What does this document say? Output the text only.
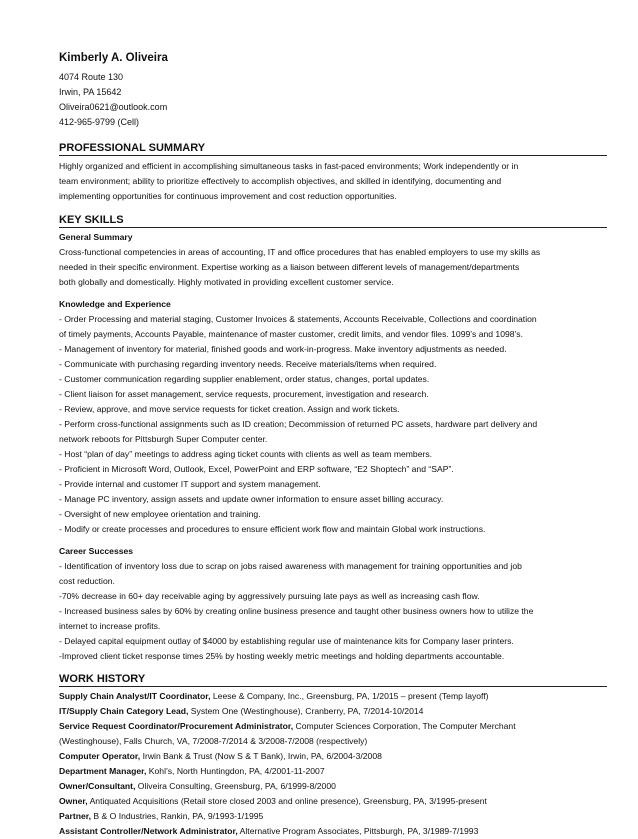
Kimberly A. Oliveira
4074 Route 130
Irwin, PA 15642
Oliveira0621@outlook.com
412-965-9799 (Cell)
PROFESSIONAL SUMMARY
Highly organized and efficient in accomplishing simultaneous tasks in fast-paced environments; Work independently or in
team environment; ability to prioritize effectively to accomplish objectives, and skilled in identifying, documenting and
implementing opportunities for continuous improvement and cost reduction opportunities.
KEY SKILLS
General Summary
Cross-functional competencies in areas of accounting, IT and office procedures that has enabled employers to use my skills as
needed in their specific environment. Expertise working as a liaison between different levels of management/departments
both globally and domestically. Highly motivated in providing excellent customer service.
Knowledge and Experience
- Order Processing and material staging, Customer Invoices & statements, Accounts Receivable, Collections and coordination
of timely payments, Accounts Payable, maintenance of master customer, credit limits, and vendor files. 1099’s and 1098’s.
- Management of inventory for material, finished goods and work-in-progress. Make inventory adjustments as needed.
- Communicate with purchasing regarding inventory needs. Receive materials/items when required.
- Customer communication regarding supplier enablement, order status, changes, portal updates.
- Client liaison for asset management, service requests, procurement, investigation and research.
- Review, approve, and move service requests for ticket creation. Assign and work tickets.
- Perform cross-functional assignments such as ID creation; Decommission of returned PC assets, hardware part delivery and
network reboots for Pittsburgh Super Computer center.
- Host “plan of day” meetings to address aging ticket counts with clients as well as team members.
- Proficient in Microsoft Word, Outlook, Excel, PowerPoint and ERP software, “E2 Shoptech” and “SAP”.
- Provide internal and customer IT support and system management.
- Manage PC inventory, assign assets and update owner information to ensure asset billing accuracy.
- Oversight of new employee orientation and training.
- Modify or create processes and procedures to ensure efficient work flow and maintain Global work instructions.
Career Successes
- Identification of inventory loss due to scrap on jobs raised awareness with management for training opportunities and job
cost reduction.
-70% decrease in 60+ day receivable aging by aggressively pursuing late pays as well as increasing cash flow.
- Increased business sales by 60% by creating online business presence and taught other business owners how to utilize the
internet to increase profits.
- Delayed capital equipment outlay of $4000 by establishing regular use of maintenance kits for Company laser printers.
-Improved client ticket response times 25% by hosting weekly metric meetings and holding departments accountable.
WORK HISTORY
Supply Chain Analyst/IT Coordinator, Leese & Company, Inc., Greensburg, PA, 1/2015 – present (Temp layoff)
IT/Supply Chain Category Lead, System One (Westinghouse), Cranberry, PA, 7/2014-10/2014
Service Request Coordinator/Procurement Administrator, Computer Sciences Corporation, The Computer Merchant
(Westinghouse), Falls Church, VA, 7/2008-7/2014 & 3/2008-7/2008 (respectively)
Computer Operator, Irwin Bank & Trust (Now S & T Bank), Irwin, PA, 6/2004-3/2008
Department Manager, Kohl’s, North Huntingdon, PA, 4/2001-11-2007
Owner/Consultant, Oliveira Consulting, Greensburg, PA, 6/1999-8/2000
Owner, Antiquated Acquisitions (Retail store closed 2003 and online presence), Greensburg, PA, 3/1995-present
Partner, B & O Industries, Rankin, PA, 9/1993-1/1995
Assistant Controller/Network Administrator, Alternative Program Associates, Pittsburgh, PA, 3/1989-7/1993
